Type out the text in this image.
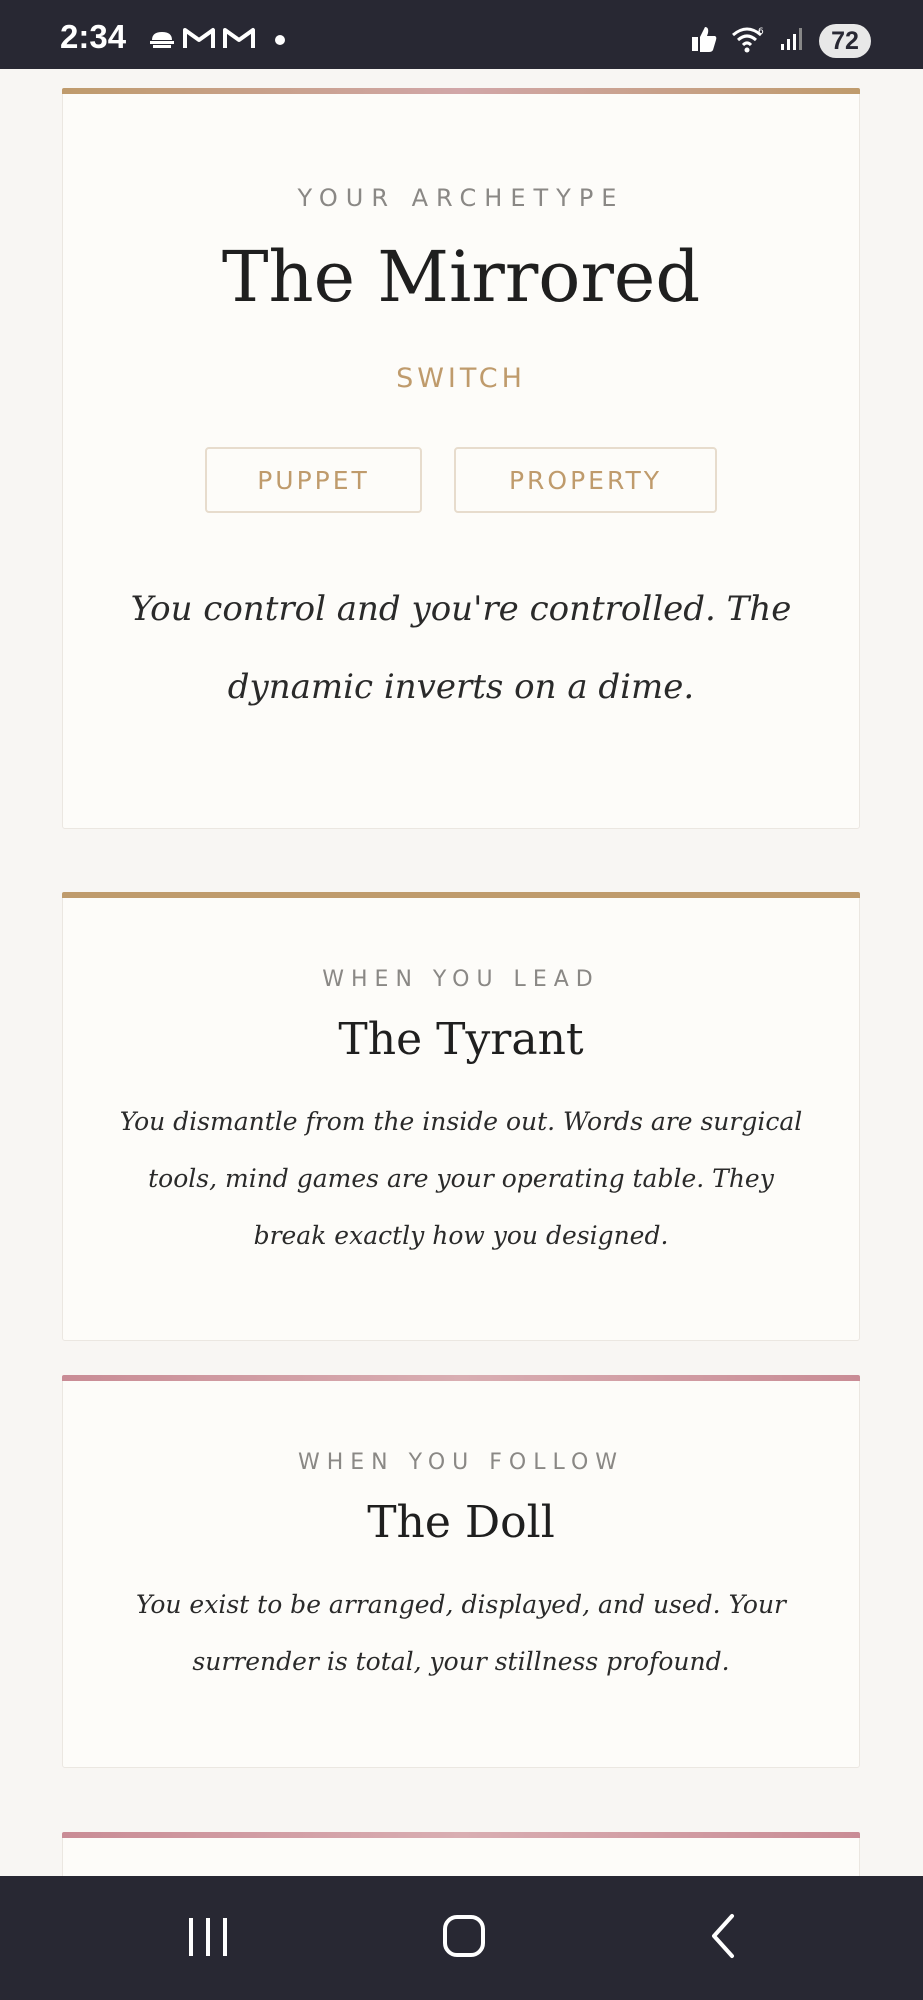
2:34	6	72
YOUR ARCHETYPE
The Mirrored
SWITCH
PUPPET	PROPERTY
You control and you're controlled. The
dynamic inverts on a dime.
WHEN YOU LEAD
The Tyrant
You dismantle from the inside out. Words are surgical
tools, mind games are your operating table. They
break exactly how you designed.
WHEN YOU FOLLOW
The Doll
You exist to be arranged, displayed, and used. Your
surrender is total, your stillness profound.
